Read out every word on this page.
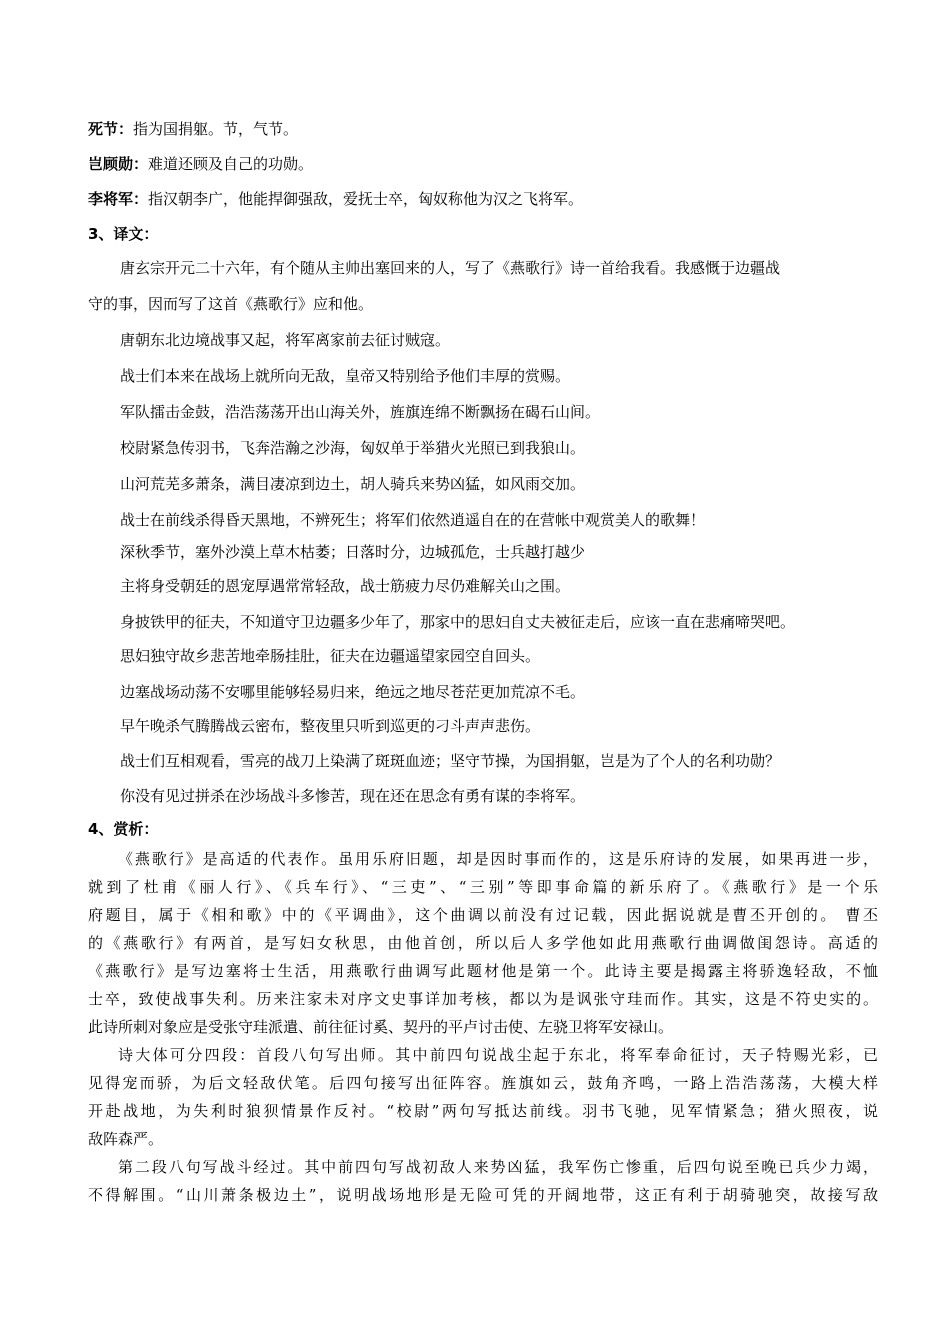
死节：指为国捐躯。节，气节。

岂顾勋：难道还顾及自己的功勋。

李将军：指汉朝李广，他能捍御强敌，爱抚士卒，匈奴称他为汉之飞将军。

3、译文：

唐玄宗开元二十六年，有个随从主帅出塞回来的人，写了《燕歌行》诗一首给我看。我感慨于边疆战

守的事，因而写了这首《燕歌行》应和他。

唐朝东北边境战事又起，将军离家前去征讨贼寇。

战士们本来在战场上就所向无敌，皇帝又特别给予他们丰厚的赏赐。

军队擂击金鼓，浩浩荡荡开出山海关外，旌旗连绵不断飘扬在碣石山间。

校尉紧急传羽书，飞奔浩瀚之沙海，匈奴单于举猎火光照已到我狼山。

山河荒芜多萧条，满目凄凉到边土，胡人骑兵来势凶猛，如风雨交加。

战士在前线杀得昏天黑地，不辨死生；将军们依然逍遥自在的在营帐中观赏美人的歌舞！

深秋季节，塞外沙漠上草木枯萎；日落时分，边城孤危，士兵越打越少

主将身受朝廷的恩宠厚遇常常轻敌，战士筋疲力尽仍难解关山之围。

身披铁甲的征夫，不知道守卫边疆多少年了，那家中的思妇自丈夫被征走后，应该一直在悲痛啼哭吧。

思妇独守故乡悲苦地牵肠挂肚，征夫在边疆遥望家园空自回头。

边塞战场动荡不安哪里能够轻易归来，绝远之地尽苍茫更加荒凉不毛。

早午晚杀气腾腾战云密布，整夜里只听到巡更的刁斗声声悲伤。

战士们互相观看，雪亮的战刀上染满了斑斑血迹；坚守节操，为国捐躯，岂是为了个人的名利功勋？

你没有见过拼杀在沙场战斗多惨苦，现在还在思念有勇有谋的李将军。

4、赏析：

《燕歌行》是高适的代表作。虽用乐府旧题，却是因时事而作的，这是乐府诗的发展，如果再进一步，

就到了杜甫《丽人行》、《兵车行》、“三吏”、“三别”等即事命篇的新乐府了。《燕歌行》是一个乐

府题目，属于《相和歌》中的《平调曲》，这个曲调以前没有过记载，因此据说就是曹丕开创的。 曹丕

的《燕歌行》有两首，是写妇女秋思，由他首创，所以后人多学他如此用燕歌行曲调做闺怨诗。高适的

《燕歌行》是写边塞将士生活，用燕歌行曲调写此题材他是第一个。此诗主要是揭露主将骄逸轻敌，不恤

士卒，致使战事失利。历来注家未对序文史事详加考核，都以为是讽张守珪而作。其实，这是不符史实的。

此诗所刺对象应是受张守珪派遣、前往征讨奚、契丹的平卢讨击使、左骁卫将军安禄山。

诗大体可分四段：首段八句写出师。其中前四句说战尘起于东北，将军奉命征讨，天子特赐光彩，已

见得宠而骄，为后文轻敌伏笔。后四句接写出征阵容。旌旗如云，鼓角齐鸣，一路上浩浩荡荡，大模大样

开赴战地，为失利时狼狈情景作反衬。“校尉”两句写抵达前线。羽书飞驰，见军情紧急；猎火照夜，说

敌阵森严。

第二段八句写战斗经过。其中前四句写战初敌人来势凶猛，我军伤亡惨重，后四句说至晚已兵少力竭，

不得解围。“山川萧条极边土”，说明战场地形是无险可凭的开阔地带，这正有利于胡骑驰突，故接写敌
